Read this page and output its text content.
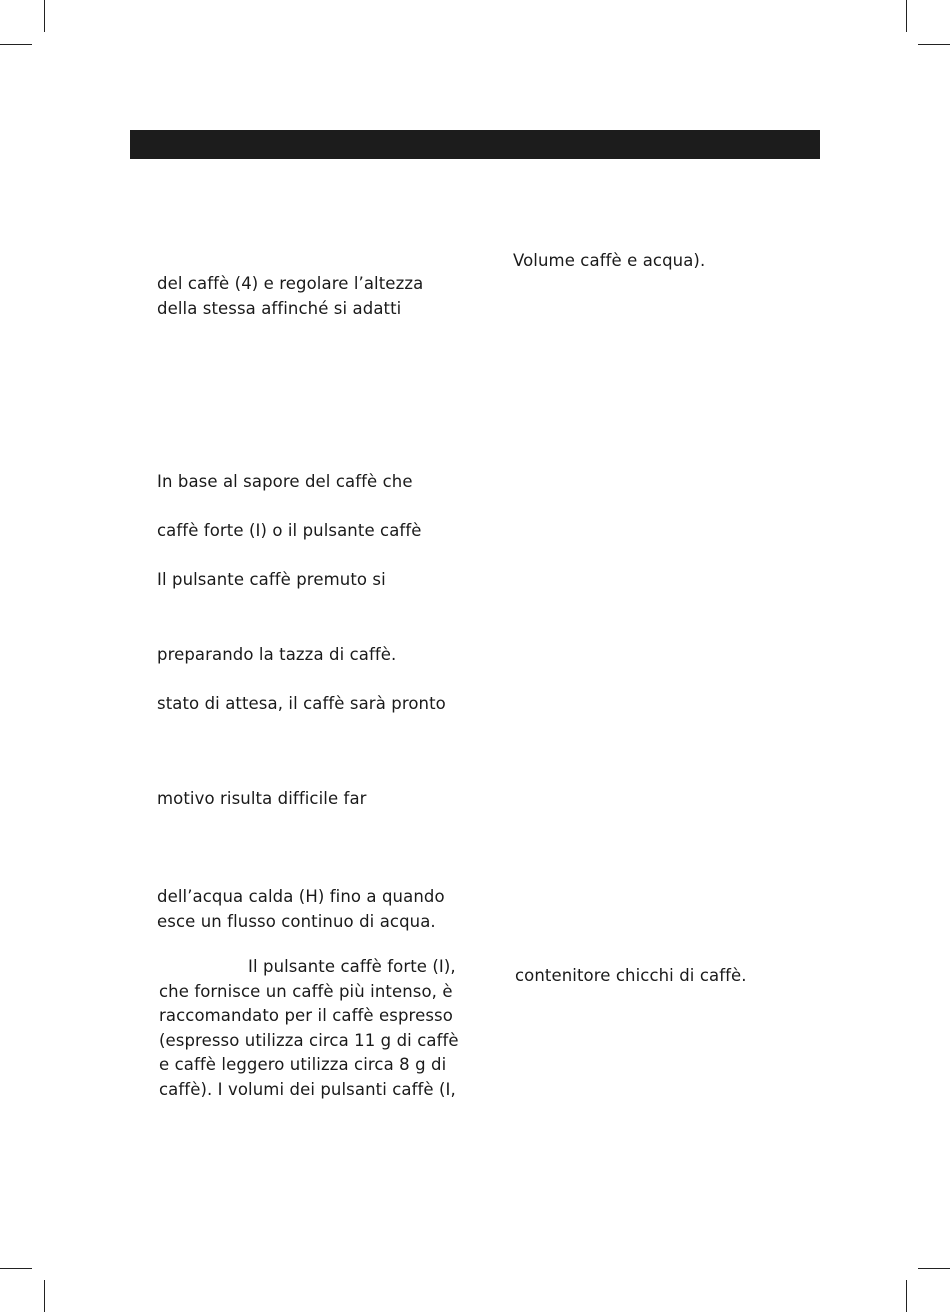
del caffè (4) e regolare l’altezza
della stessa affinché si adatti
In base al sapore del caffè che
caffè forte (I) o il pulsante caffè
Il pulsante caffè premuto si
preparando la tazza di caffè.
stato di attesa, il caffè sarà pronto
motivo risulta difficile far
dell’acqua calda (H) fino a quando
esce un flusso continuo di acqua.
Il pulsante caffè forte (I),
che fornisce un caffè più intenso, è
raccomandato per il caffè espresso
(espresso utilizza circa 11 g di caffè
e caffè leggero utilizza circa 8 g di
caffè). I volumi dei pulsanti caffè (I,
Volume caffè e acqua).
contenitore chicchi di caffè.
